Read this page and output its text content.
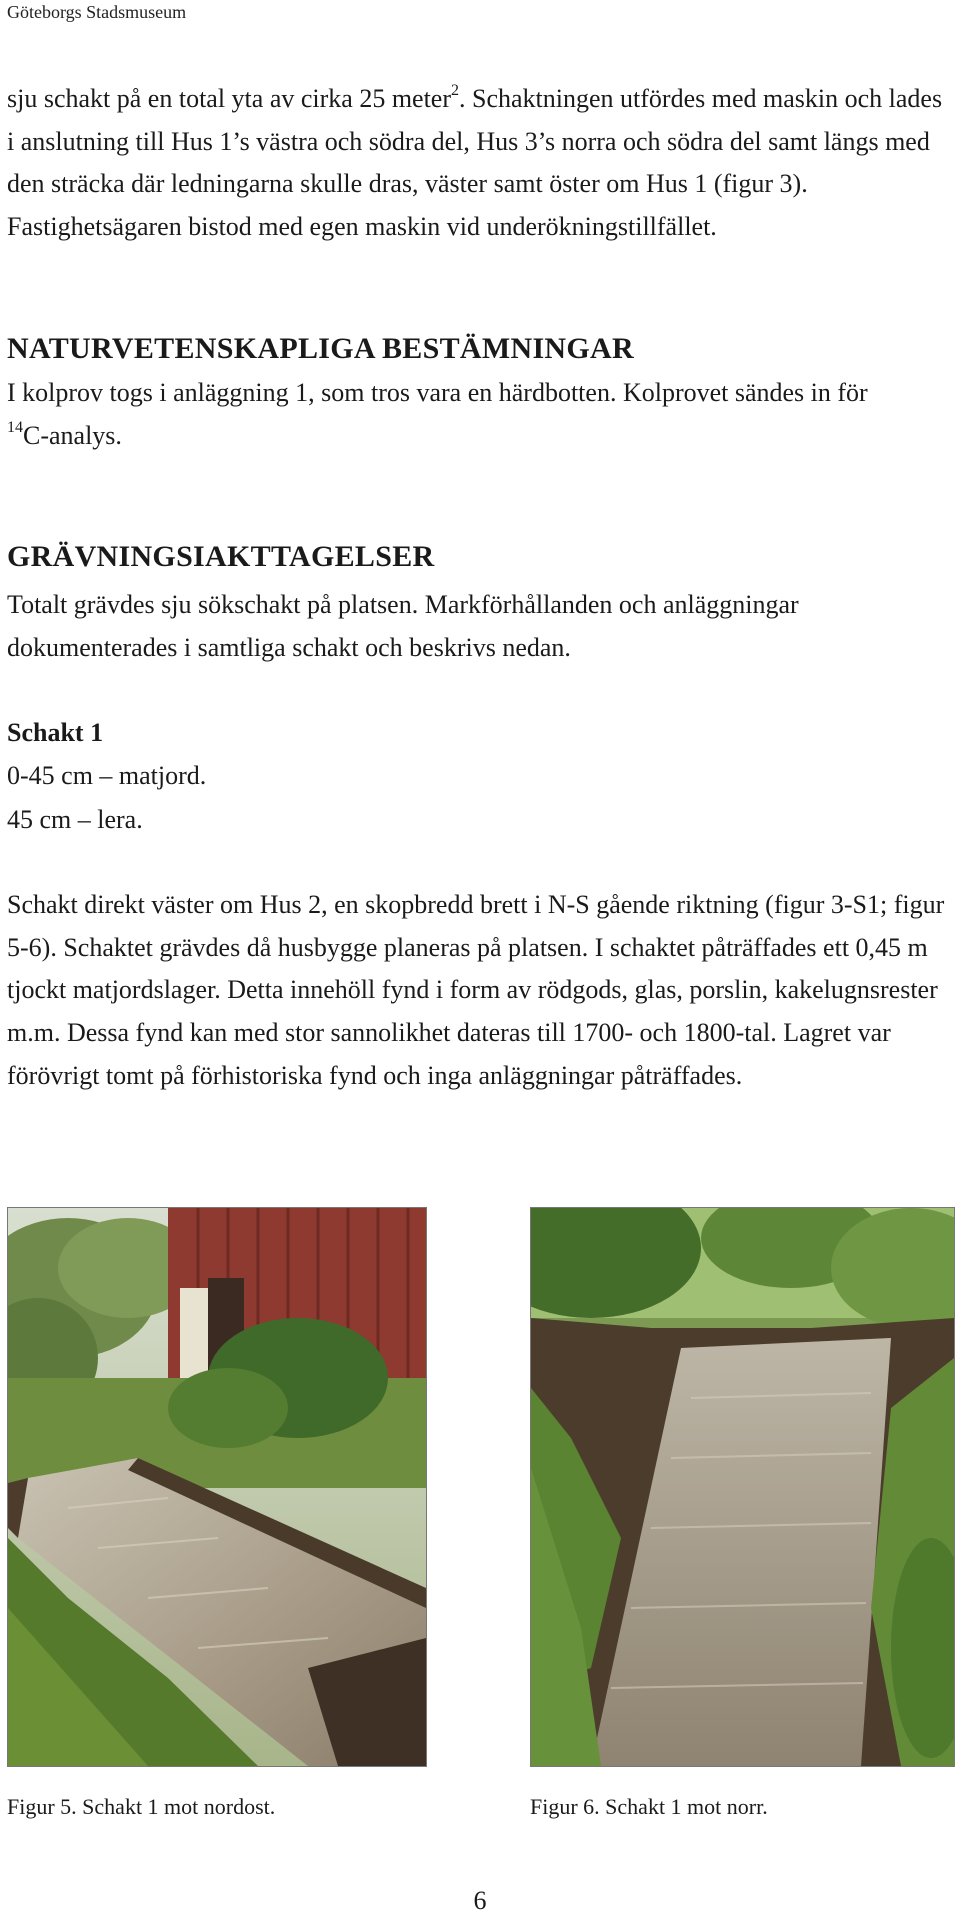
Göteborgs Stadsmuseum

sju schakt på en total yta av cirka 25 meter$^2$. Schaktningen utfördes med maskin och lades i anslutning till Hus 1’s västra och södra del, Hus 3’s norra och södra del samt längs med den sträcka där ledningarna skulle dras, väster samt öster om Hus 1 (figur 3). Fastighetsägaren bistod med egen maskin vid underökningstillfället.

NATURVETENSKAPLIGA BESTÄMNINGAR

I kolprov togs i anläggning 1, som tros vara en härdbotten. Kolprovet sändes in för
$^{14}$C-analys.

GRÄVNINGSIAKTTAGELSER

Totalt grävdes sju sökschakt på platsen. Markförhållanden och anläggningar dokumenterades i samtliga schakt och beskrivs nedan.

Schakt 1

0-45 cm – matjord.

45 cm – lera.

Schakt direkt väster om Hus 2, en skopbredd brett i N-S gående riktning (figur 3-S1; figur 5-6). Schaktet grävdes då husbygge planeras på platsen. I schaktet påträffades ett 0,45 m tjockt matjordslager. Detta innehöll fynd i form av rödgods, glas, porslin, kakelugnsrester m.m. Dessa fynd kan med stor sannolikhet dateras till 1700- och 1800-tal. Lagret var förövrigt tomt på förhistoriska fynd och inga anläggningar påträffades.

Figur 5. Schakt 1 mot nordost.	Figur 6. Schakt 1 mot norr.
6
